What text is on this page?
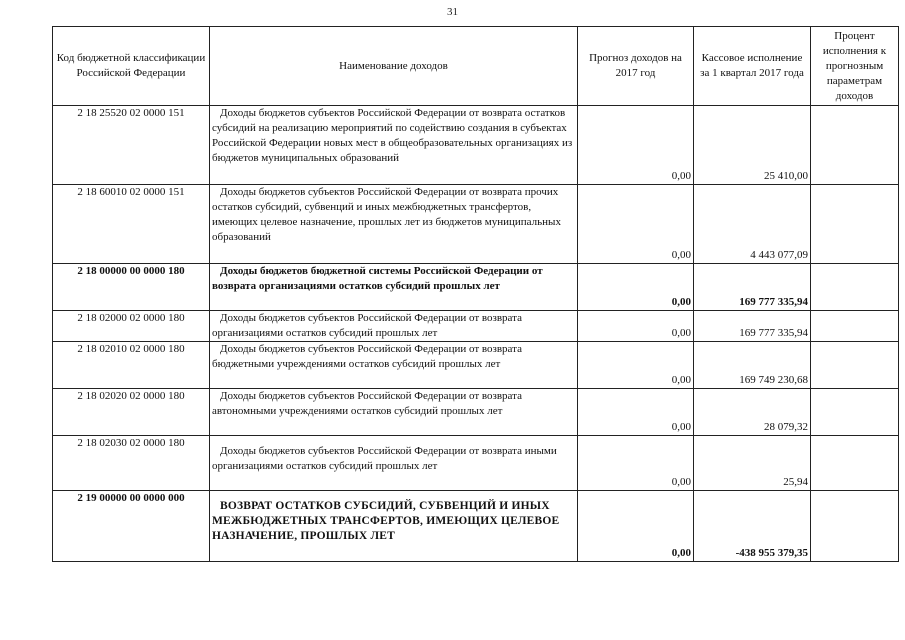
31
Код бюджетной классификации Российской Федерации	Наименование доходов	Прогноз доходов на 2017 год	Кассовое исполнение за 1 квартал 2017 года	Процент исполнения к прогнозным параметрам доходов
2 18 25520 02 0000 151	Доходы бюджетов субъектов Российской Федерации от возврата остатков субсидий на реализацию мероприятий по содействию создания в субъектах Российской Федерации новых мест в общеобразовательных организациях из бюджетов муниципальных образований	0,00	25 410,00	
2 18 60010 02 0000 151	Доходы бюджетов субъектов Российской Федерации от возврата прочих остатков субсидий, субвенций и иных межбюджетных трансфертов, имеющих целевое назначение, прошлых лет из бюджетов муниципальных образований	0,00	4 443 077,09	
2 18 00000 00 0000 180	Доходы бюджетов бюджетной системы Российской Федерации от возврата организациями остатков субсидий прошлых лет	0,00	169 777 335,94	
2 18 02000 02 0000 180	Доходы бюджетов субъектов Российской Федерации от возврата организациями остатков субсидий прошлых лет	0,00	169 777 335,94	
2 18 02010 02 0000 180	Доходы бюджетов субъектов Российской Федерации от возврата бюджетными учреждениями остатков субсидий прошлых лет	0,00	169 749 230,68	
2 18 02020 02 0000 180	Доходы бюджетов субъектов Российской Федерации от возврата автономными учреждениями остатков субсидий прошлых лет	0,00	28 079,32	
2 18 02030 02 0000 180	Доходы бюджетов субъектов Российской Федерации от возврата иными организациями остатков субсидий прошлых лет	0,00	25,94	
2 19 00000 00 0000 000	ВОЗВРАТ ОСТАТКОВ СУБСИДИЙ, СУБВЕНЦИЙ И ИНЫХ МЕЖБЮДЖЕТНЫХ ТРАНСФЕРТОВ, ИМЕЮЩИХ ЦЕЛЕВОЕ НАЗНАЧЕНИЕ, ПРОШЛЫХ ЛЕТ	0,00	-438 955 379,35	
